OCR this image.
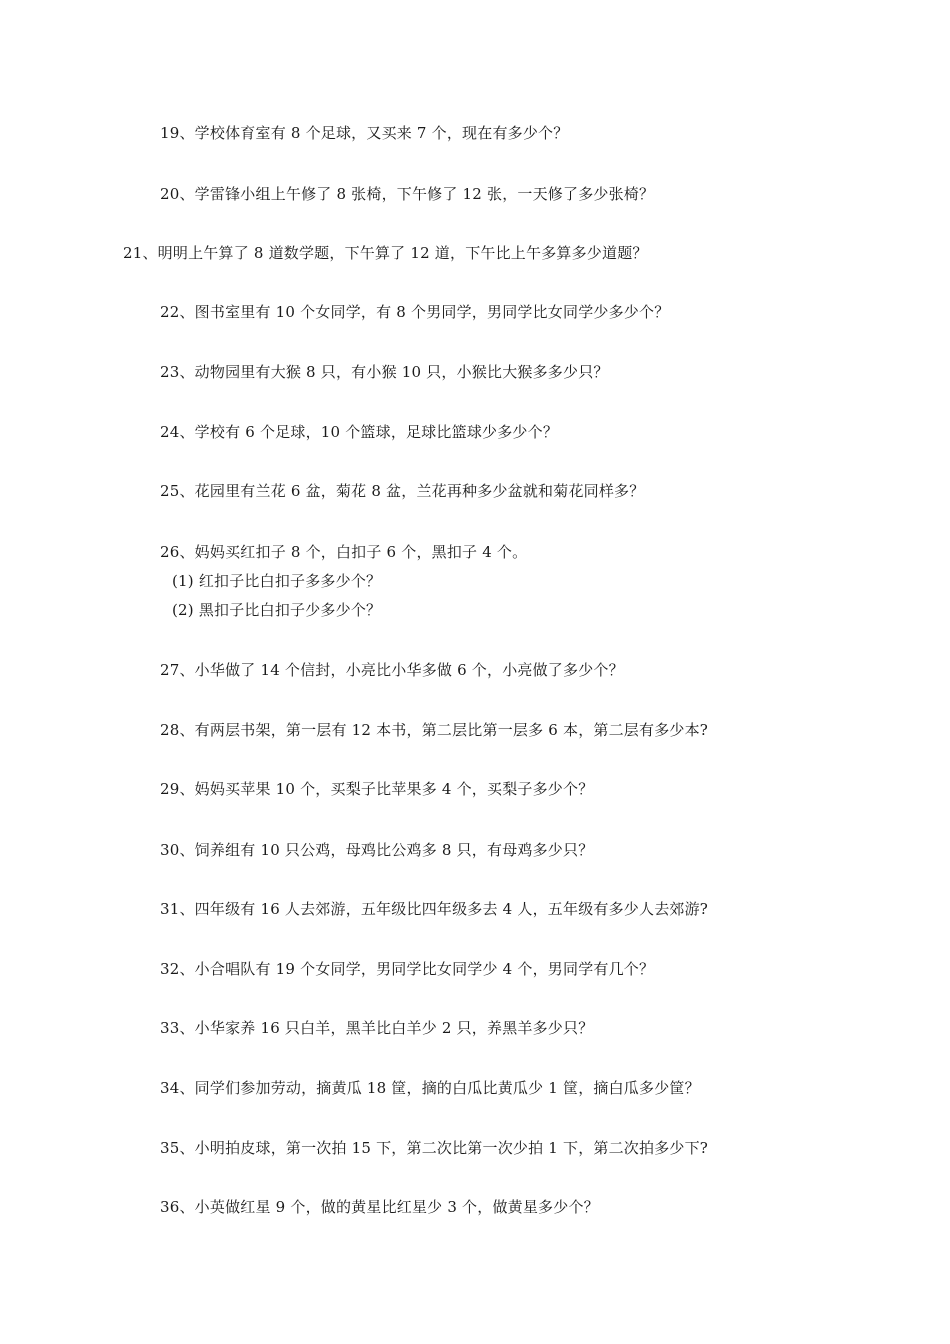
19、学校体育室有 8 个足球，又买来 7 个，现在有多少个？
20、学雷锋小组上午修了 8 张椅，下午修了 12 张，一天修了多少张椅？
21、明明上午算了 8 道数学题，下午算了 12 道，下午比上午多算多少道题？
22、图书室里有 10 个女同学，有 8 个男同学，男同学比女同学少多少个？
23、动物园里有大猴 8 只，有小猴 10 只，小猴比大猴多多少只？
24、学校有 6 个足球，10 个篮球，足球比篮球少多少个？
25、花园里有兰花 6 盆，菊花 8 盆，兰花再种多少盆就和菊花同样多？
26、妈妈买红扣子 8 个，白扣子 6 个，黑扣子 4 个。
(1) 红扣子比白扣子多多少个？
(2) 黑扣子比白扣子少多少个？
27、小华做了 14 个信封，小亮比小华多做 6 个，小亮做了多少个？
28、有两层书架，第一层有 12 本书，第二层比第一层多 6 本，第二层有多少本?
29、妈妈买苹果 10 个，买梨子比苹果多 4 个，买梨子多少个？
30、饲养组有 10 只公鸡，母鸡比公鸡多 8 只，有母鸡多少只？
31、四年级有 16 人去郊游，五年级比四年级多去 4 人，五年级有多少人去郊游?
32、小合唱队有 19 个女同学，男同学比女同学少 4 个，男同学有几个？
33、小华家养 16 只白羊，黑羊比白羊少 2 只，养黑羊多少只？
34、同学们参加劳动，摘黄瓜 18 筐，摘的白瓜比黄瓜少 1 筐，摘白瓜多少筐？
35、小明拍皮球，第一次拍 15 下，第二次比第一次少拍 1 下，第二次拍多少下?
36、小英做红星 9 个，做的黄星比红星少 3 个，做黄星多少个？
